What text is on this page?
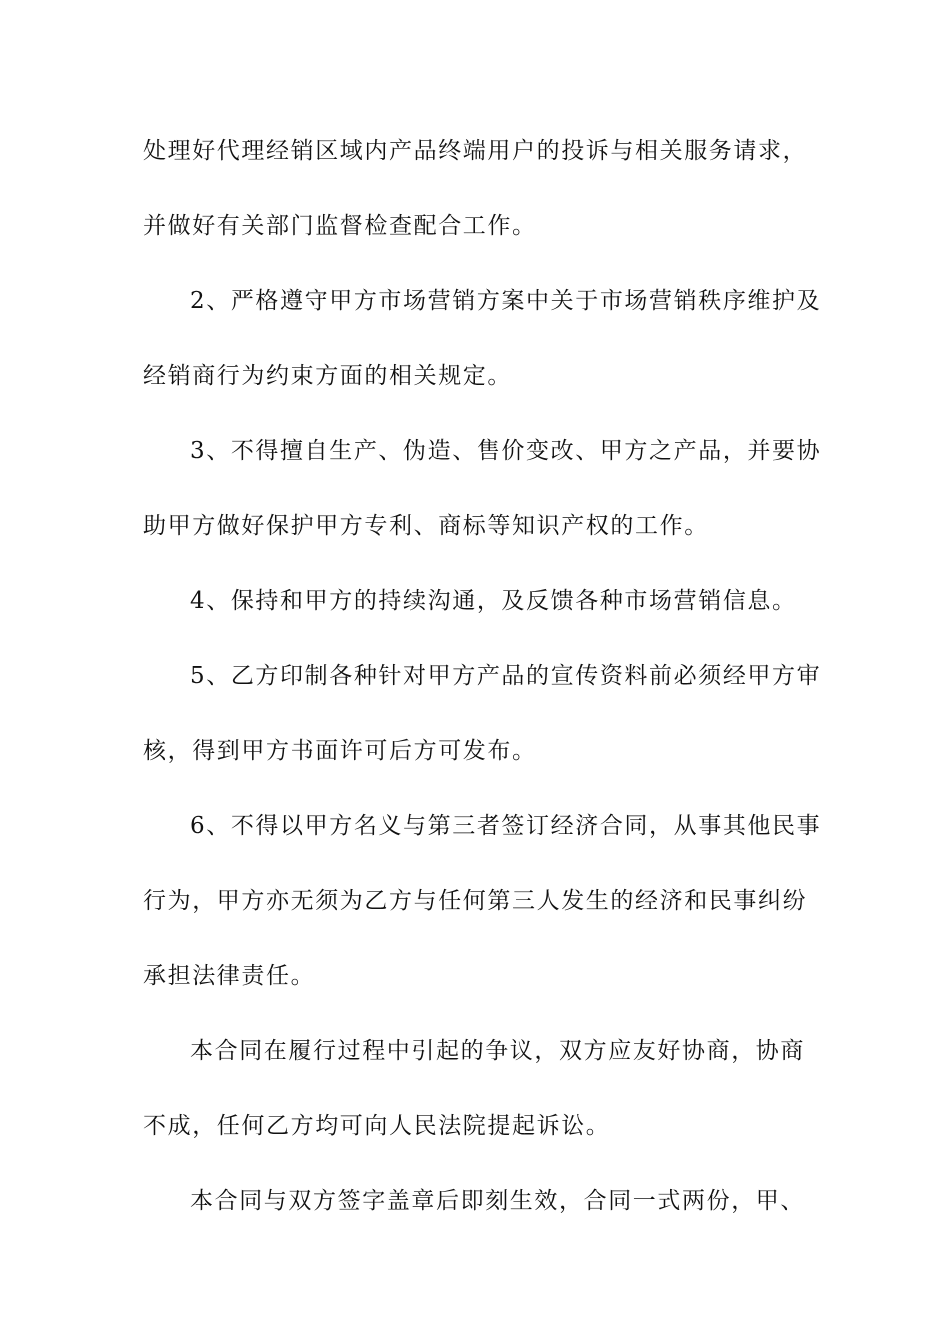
处理好代理经销区域内产品终端用户的投诉与相关服务请求，
并做好有关部门监督检查配合工作。
2、严格遵守甲方市场营销方案中关于市场营销秩序维护及
经销商行为约束方面的相关规定。
3、不得擅自生产、伪造、售价变改、甲方之产品，并要协
助甲方做好保护甲方专利、商标等知识产权的工作。
4、保持和甲方的持续沟通，及反馈各种市场营销信息。
5、乙方印制各种针对甲方产品的宣传资料前必须经甲方审
核，得到甲方书面许可后方可发布。
6、不得以甲方名义与第三者签订经济合同，从事其他民事
行为，甲方亦无须为乙方与任何第三人发生的经济和民事纠纷
承担法律责任。
本合同在履行过程中引起的争议，双方应友好协商，协商
不成，任何乙方均可向人民法院提起诉讼。
本合同与双方签字盖章后即刻生效，合同一式两份，甲、
